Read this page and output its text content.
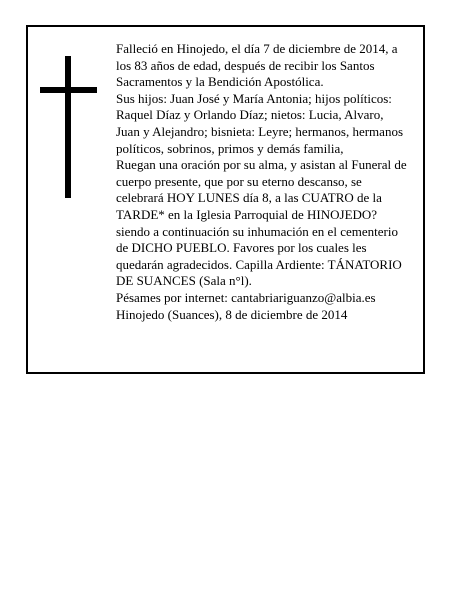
Falleció en Hinojedo, el día 7 de diciembre de 2014, a

los 83 años de edad, después de recibir los Santos

Sacramentos y la Bendición Apostólica.

Sus hijos: Juan José y María Antonia; hijos políticos:

Raquel Díaz y Orlando Díaz; nietos: Lucia, Alvaro,

Juan y Alejandro; bisnieta: Leyre; hermanos, hermanos

políticos, sobrinos, primos y demás familia,

Ruegan una oración por su alma, y asistan al Funeral de

cuerpo presente, que por su eterno descanso, se

celebrará HOY LUNES día 8, a las CUATRO de la

TARDE* en la Iglesia Parroquial de HINOJEDO?

siendo a continuación su inhumación en el cementerio

de DICHO PUEBLO. Favores por los cuales les

quedarán agradecidos. Capilla Ardiente: TÁNATORIO

DE SUANCES (Sala n°l).

Pésames por internet: cantabriariguanzo@albia.es

Hinojedo (Suances), 8 de diciembre de 2014
